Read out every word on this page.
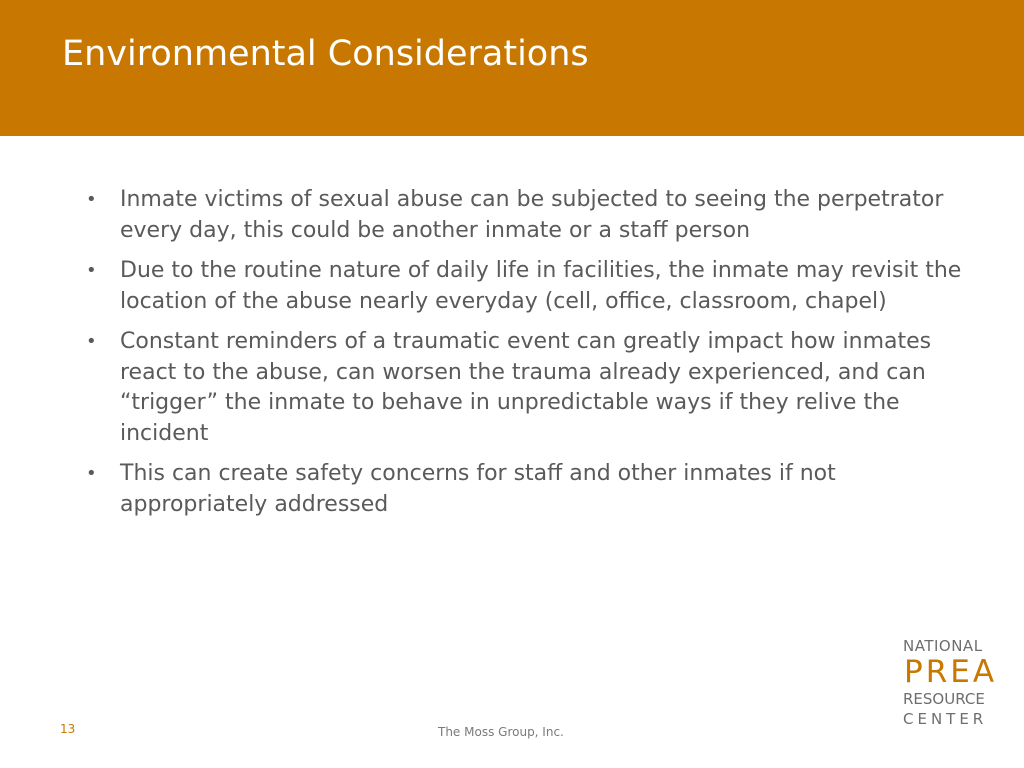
Environmental Considerations
• Inmate victims of sexual abuse can be subjected to seeing the perpetrator every day, this could be another inmate or a staff person
• Due to the routine nature of daily life in facilities, the inmate may revisit the location of the abuse nearly everyday (cell, office, classroom, chapel)
• Constant reminders of a traumatic event can greatly impact how inmates react to the abuse, can worsen the trauma already experienced, and can “trigger” the inmate to behave in unpredictable ways if they relive the incident
• This can create safety concerns for staff and other inmates if not appropriately addressed
13	The Moss Group, Inc.
NATIONAL
PREA
RESOURCE
CENTER
